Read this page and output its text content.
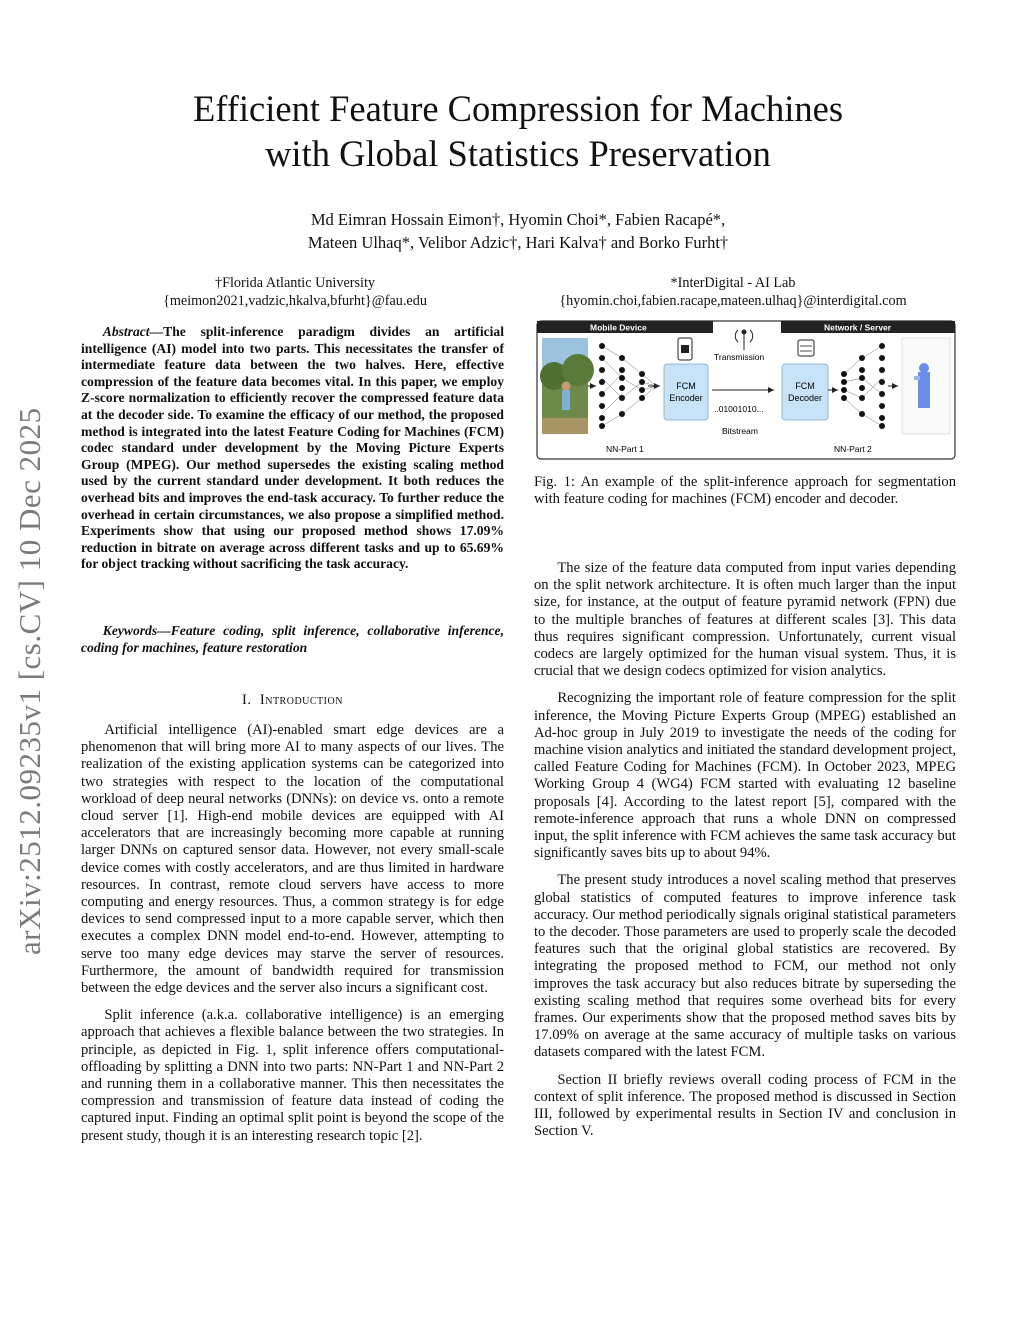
arXiv:2512.09235v1 [cs.CV] 10 Dec 2025
Efficient Feature Compression for Machines
with Global Statistics Preservation
Md Eimran Hossain Eimon†, Hyomin Choi*, Fabien Racapé*,
Mateen Ulhaq*, Velibor Adzic†, Hari Kalva† and Borko Furht†
†Florida Atlantic University
{meimon2021,vadzic,hkalva,bfurht}@fau.edu
*InterDigital - AI Lab
{hyomin.choi,fabien.racape,mateen.ulhaq}@interdigital.com

Abstract—The split-inference paradigm divides an artificial intelligence (AI) model into two parts. This necessitates the transfer of intermediate feature data between the two halves. Here, effective compression of the feature data becomes vital. In this paper, we employ Z-score normalization to efficiently recover the compressed feature data at the decoder side. To examine the efficacy of our method, the proposed method is integrated into the latest Feature Coding for Machines (FCM) codec standard under development by the Moving Picture Experts Group (MPEG). Our method supersedes the existing scaling method used by the current standard under development. It both reduces the overhead bits and improves the end-task accuracy. To further reduce the overhead in certain circumstances, we also propose a simplified method. Experiments show that using our proposed method shows 17.09% reduction in bitrate on average across different tasks and up to 65.69% for object tracking without sacrificing the task accuracy.

Keywords—Feature coding, split inference, collaborative inference, coding for machines, feature restoration

I. Introduction

Artificial intelligence (AI)-enabled smart edge devices are a phenomenon that will bring more AI to many aspects of our lives. The realization of the existing application systems can be categorized into two strategies with respect to the location of the computational workload of deep neural networks (DNNs): on device vs. onto a remote cloud server [1]. High-end mobile devices are equipped with AI accelerators that are increasingly becoming more capable at running larger DNNs on captured sensor data. However, not every small-scale device comes with costly accelerators, and are thus limited in hardware resources. In contrast, remote cloud servers have access to more computing and energy resources. Thus, a common strategy is for edge devices to send compressed input to a more capable server, which then executes a complex DNN model end-to-end. However, attempting to serve too many edge devices may starve the server of resources. Furthermore, the amount of bandwidth required for transmission between the edge devices and the server also incurs a significant cost.

Split inference (a.k.a. collaborative intelligence) is an emerging approach that achieves a flexible balance between the two strategies. In principle, as depicted in Fig. 1, split inference offers computational-offloading by splitting a DNN into two parts: NN-Part 1 and NN-Part 2 and running them in a collaborative manner. This then necessitates the compression and transmission of feature data instead of coding the captured input. Finding an optimal split point is beyond the scope of the present study, though it is an interesting research topic [2].

Mobile Device	Network / Server
FCM
Encoder
Transmission
..01001010...
Bitstream
FCM
Decoder
NN-Part 1	NN-Part 2
Fig. 1: An example of the split-inference approach for segmentation with feature coding for machines (FCM) encoder and decoder.

The size of the feature data computed from input varies depending on the split network architecture. It is often much larger than the input size, for instance, at the output of feature pyramid network (FPN) due to the multiple branches of features at different scales [3]. This data thus requires significant compression. Unfortunately, current visual codecs are largely optimized for the human visual system. Thus, it is crucial that we design codecs optimized for vision analytics.

Recognizing the important role of feature compression for the split inference, the Moving Picture Experts Group (MPEG) established an Ad-hoc group in July 2019 to investigate the needs of the coding for machine vision analytics and initiated the standard development project, called Feature Coding for Machines (FCM). In October 2023, MPEG Working Group 4 (WG4) FCM started with evaluating 12 baseline proposals [4]. According to the latest report [5], compared with the remote-inference approach that runs a whole DNN on compressed input, the split inference with FCM achieves the same task accuracy but significantly saves bits up to about 94%.

The present study introduces a novel scaling method that preserves global statistics of computed features to improve inference task accuracy. Our method periodically signals original statistical parameters to the decoder. Those parameters are used to properly scale the decoded features such that the original global statistics are recovered. By integrating the proposed method to FCM, our method not only improves the task accuracy but also reduces bitrate by superseding the existing scaling method that requires some overhead bits for every frames. Our experiments show that the proposed method saves bits by 17.09% on average at the same accuracy of multiple tasks on various datasets compared with the latest FCM.

Section II briefly reviews overall coding process of FCM in the context of split inference. The proposed method is discussed in Section III, followed by experimental results in Section IV and conclusion in Section V.
